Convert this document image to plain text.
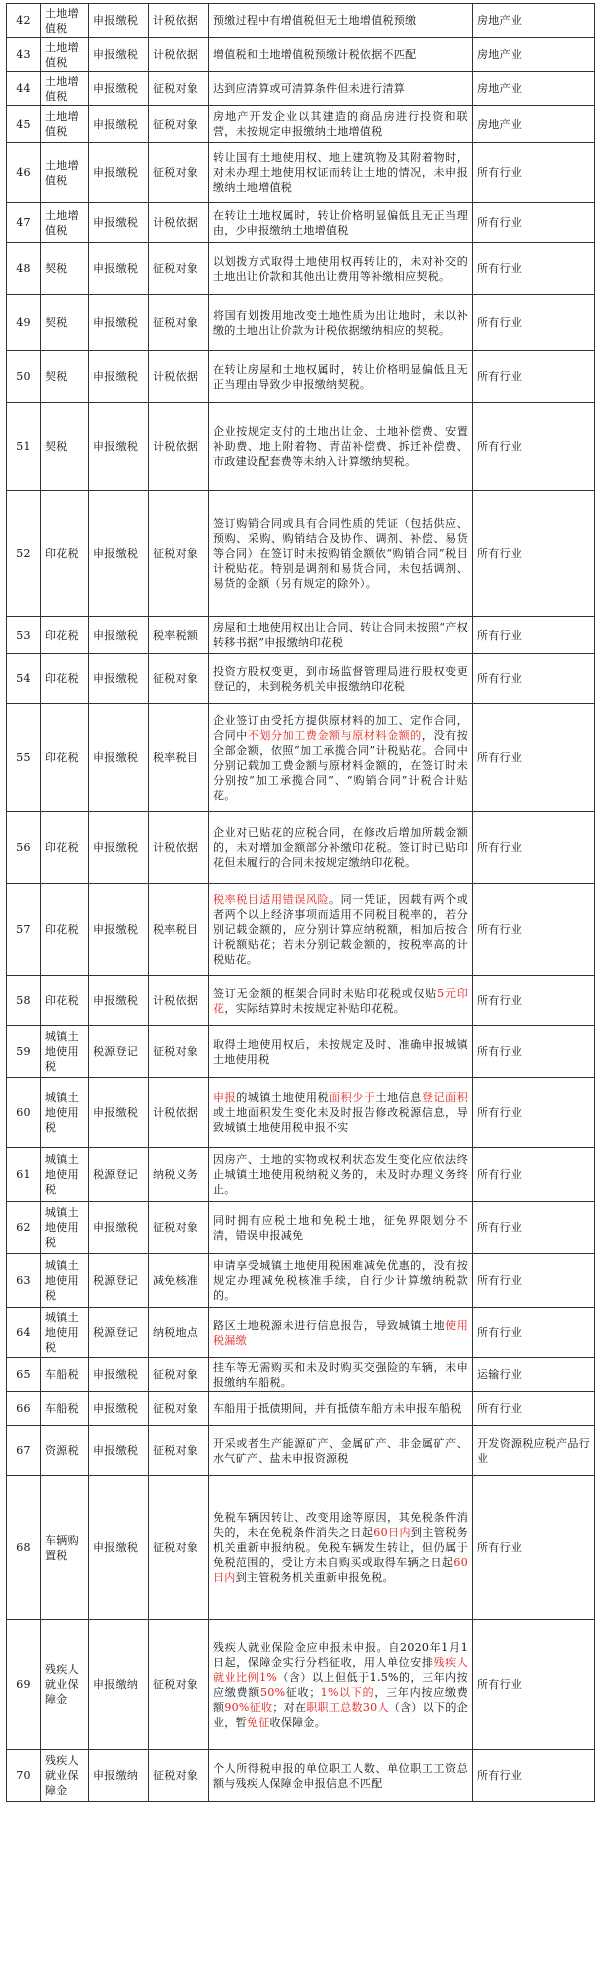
42	土地增值税	申报缴税	计税依据	预缴过程中有增值税但无土地增值税预缴	房地产业
43	土地增值税	申报缴税	计税依据	增值税和土地增值税预缴计税依据不匹配	房地产业
44	土地增值税	申报缴税	征税对象	达到应清算或可清算条件但未进行清算	房地产业
45	土地增值税	申报缴税	征税对象	房地产开发企业以其建造的商品房进行投资和联营，未按规定申报缴纳土地增值税	房地产业
46	土地增值税	申报缴税	征税对象	转让国有土地使用权、地上建筑物及其附着物时，对未办理土地使用权证而转让土地的情况，未申报缴纳土地增值税	所有行业
47	土地增值税	申报缴税	计税依据	在转让土地权属时，转让价格明显偏低且无正当理由，少申报缴纳土地增值税	所有行业
48	契税	申报缴税	征税对象	以划拨方式取得土地使用权再转让的，未对补交的土地出让价款和其他出让费用等补缴相应契税。	所有行业
49	契税	申报缴税	征税对象	将国有划拨用地改变土地性质为出让地时，未以补缴的土地出让价款为计税依据缴纳相应的契税。	所有行业
50	契税	申报缴税	计税依据	在转让房屋和土地权属时，转让价格明显偏低且无正当理由导致少申报缴纳契税。	所有行业
51	契税	申报缴税	计税依据	企业按规定支付的土地出让金、土地补偿费、安置补助费、地上附着物、青苗补偿费、拆迁补偿费、市政建设配套费等未纳入计算缴纳契税。	所有行业
52	印花税	申报缴税	征税对象	签订购销合同或具有合同性质的凭证（包括供应、预购、采购、购销结合及协作、调剂、补偿、易货等合同）在签订时未按购销金额依“购销合同”税目计税贴花。特别是调剂和易货合同，未包括调剂、易货的金额（另有规定的除外）。	所有行业
53	印花税	申报缴税	税率税额	房屋和土地使用权出让合同、转让合同未按照“产权转移书据”申报缴纳印花税	所有行业
54	印花税	申报缴税	征税对象	投资方股权变更，到市场监督管理局进行股权变更登记的，未到税务机关申报缴纳印花税	所有行业
55	印花税	申报缴税	税率税目	企业签订由受托方提供原材料的加工、定作合同，合同中不划分加工费金额与原材料金额的，没有按全部金额，依照“加工承揽合同”计税贴花。合同中分别记载加工费金额与原材料金额的，在签订时未分别按“加工承揽合同”、“购销合同”计税合计贴花。	所有行业
56	印花税	申报缴税	计税依据	企业对已贴花的应税合同，在修改后增加所载金额的，未对增加金额部分补缴印花税。签订时已贴印花但未履行的合同未按规定缴纳印花税。	所有行业
57	印花税	申报缴税	税率税目	税率税目适用错误风险。同一凭证，因载有两个或者两个以上经济事项而适用不同税目税率的，若分别记载金额的，应分别计算应纳税额，相加后按合计税额贴花；若未分别记载金额的，按税率高的计税贴花。	所有行业
58	印花税	申报缴税	计税依据	签订无金额的框架合同时未贴印花税或仅贴5元印花，实际结算时未按规定补贴印花税。	所有行业
59	城镇土地使用税	税源登记	征税对象	取得土地使用权后，未按规定及时、准确申报城镇土地使用税	所有行业
60	城镇土地使用税	申报缴税	计税依据	申报的城镇土地使用税面积少于土地信息登记面积或土地面积发生变化未及时报告修改税源信息，导致城镇土地使用税申报不实	所有行业
61	城镇土地使用税	税源登记	纳税义务	因房产、土地的实物或权利状态发生变化应依法终止城镇土地使用税纳税义务的，未及时办理义务终止。	所有行业
62	城镇土地使用税	申报缴税	征税对象	同时拥有应税土地和免税土地，征免界限划分不清，错误申报减免	所有行业
63	城镇土地使用税	税源登记	减免核准	申请享受城镇土地使用税困难减免优惠的，没有按规定办理减免税核准手续，自行少计算缴纳税款的。	所有行业
64	城镇土地使用税	税源登记	纳税地点	路区土地税源未进行信息报告，导致城镇土地使用税漏缴	所有行业
65	车船税	申报缴税	征税对象	挂车等无需购买和未及时购买交强险的车辆，未申报缴纳车船税。	运输行业
66	车船税	申报缴税	征税对象	车船用于抵债期间，并有抵债车船方未申报车船税	所有行业
67	资源税	申报缴税	征税对象	开采或者生产能源矿产、金属矿产、非金属矿产、水气矿产、盐未申报资源税	开发资源税应税产品行业
68	车辆购置税	申报缴税	征税对象	免税车辆因转让、改变用途等原因，其免税条件消失的，未在免税条件消失之日起60日内到主管税务机关重新申报纳税。免税车辆发生转让，但仍属于免税范围的，受让方未自购买或取得车辆之日起60日内到主管税务机关重新申报免税。	所有行业
69	残疾人就业保障金	申报缴纳	征税对象	残疾人就业保险金应申报未申报。自2020年1月1日起，保障金实行分档征收，用人单位安排残疾人就业比例1%（含）以上但低于1.5%的，三年内按应缴费额50%征收；1%以下的，三年内按应缴费额90%征收；对在职职工总数30人（含）以下的企业，暂免征收保障金。	所有行业
70	残疾人就业保障金	申报缴纳	征税对象	个人所得税申报的单位职工人数、单位职工工资总额与残疾人保障金申报信息不匹配	所有行业
